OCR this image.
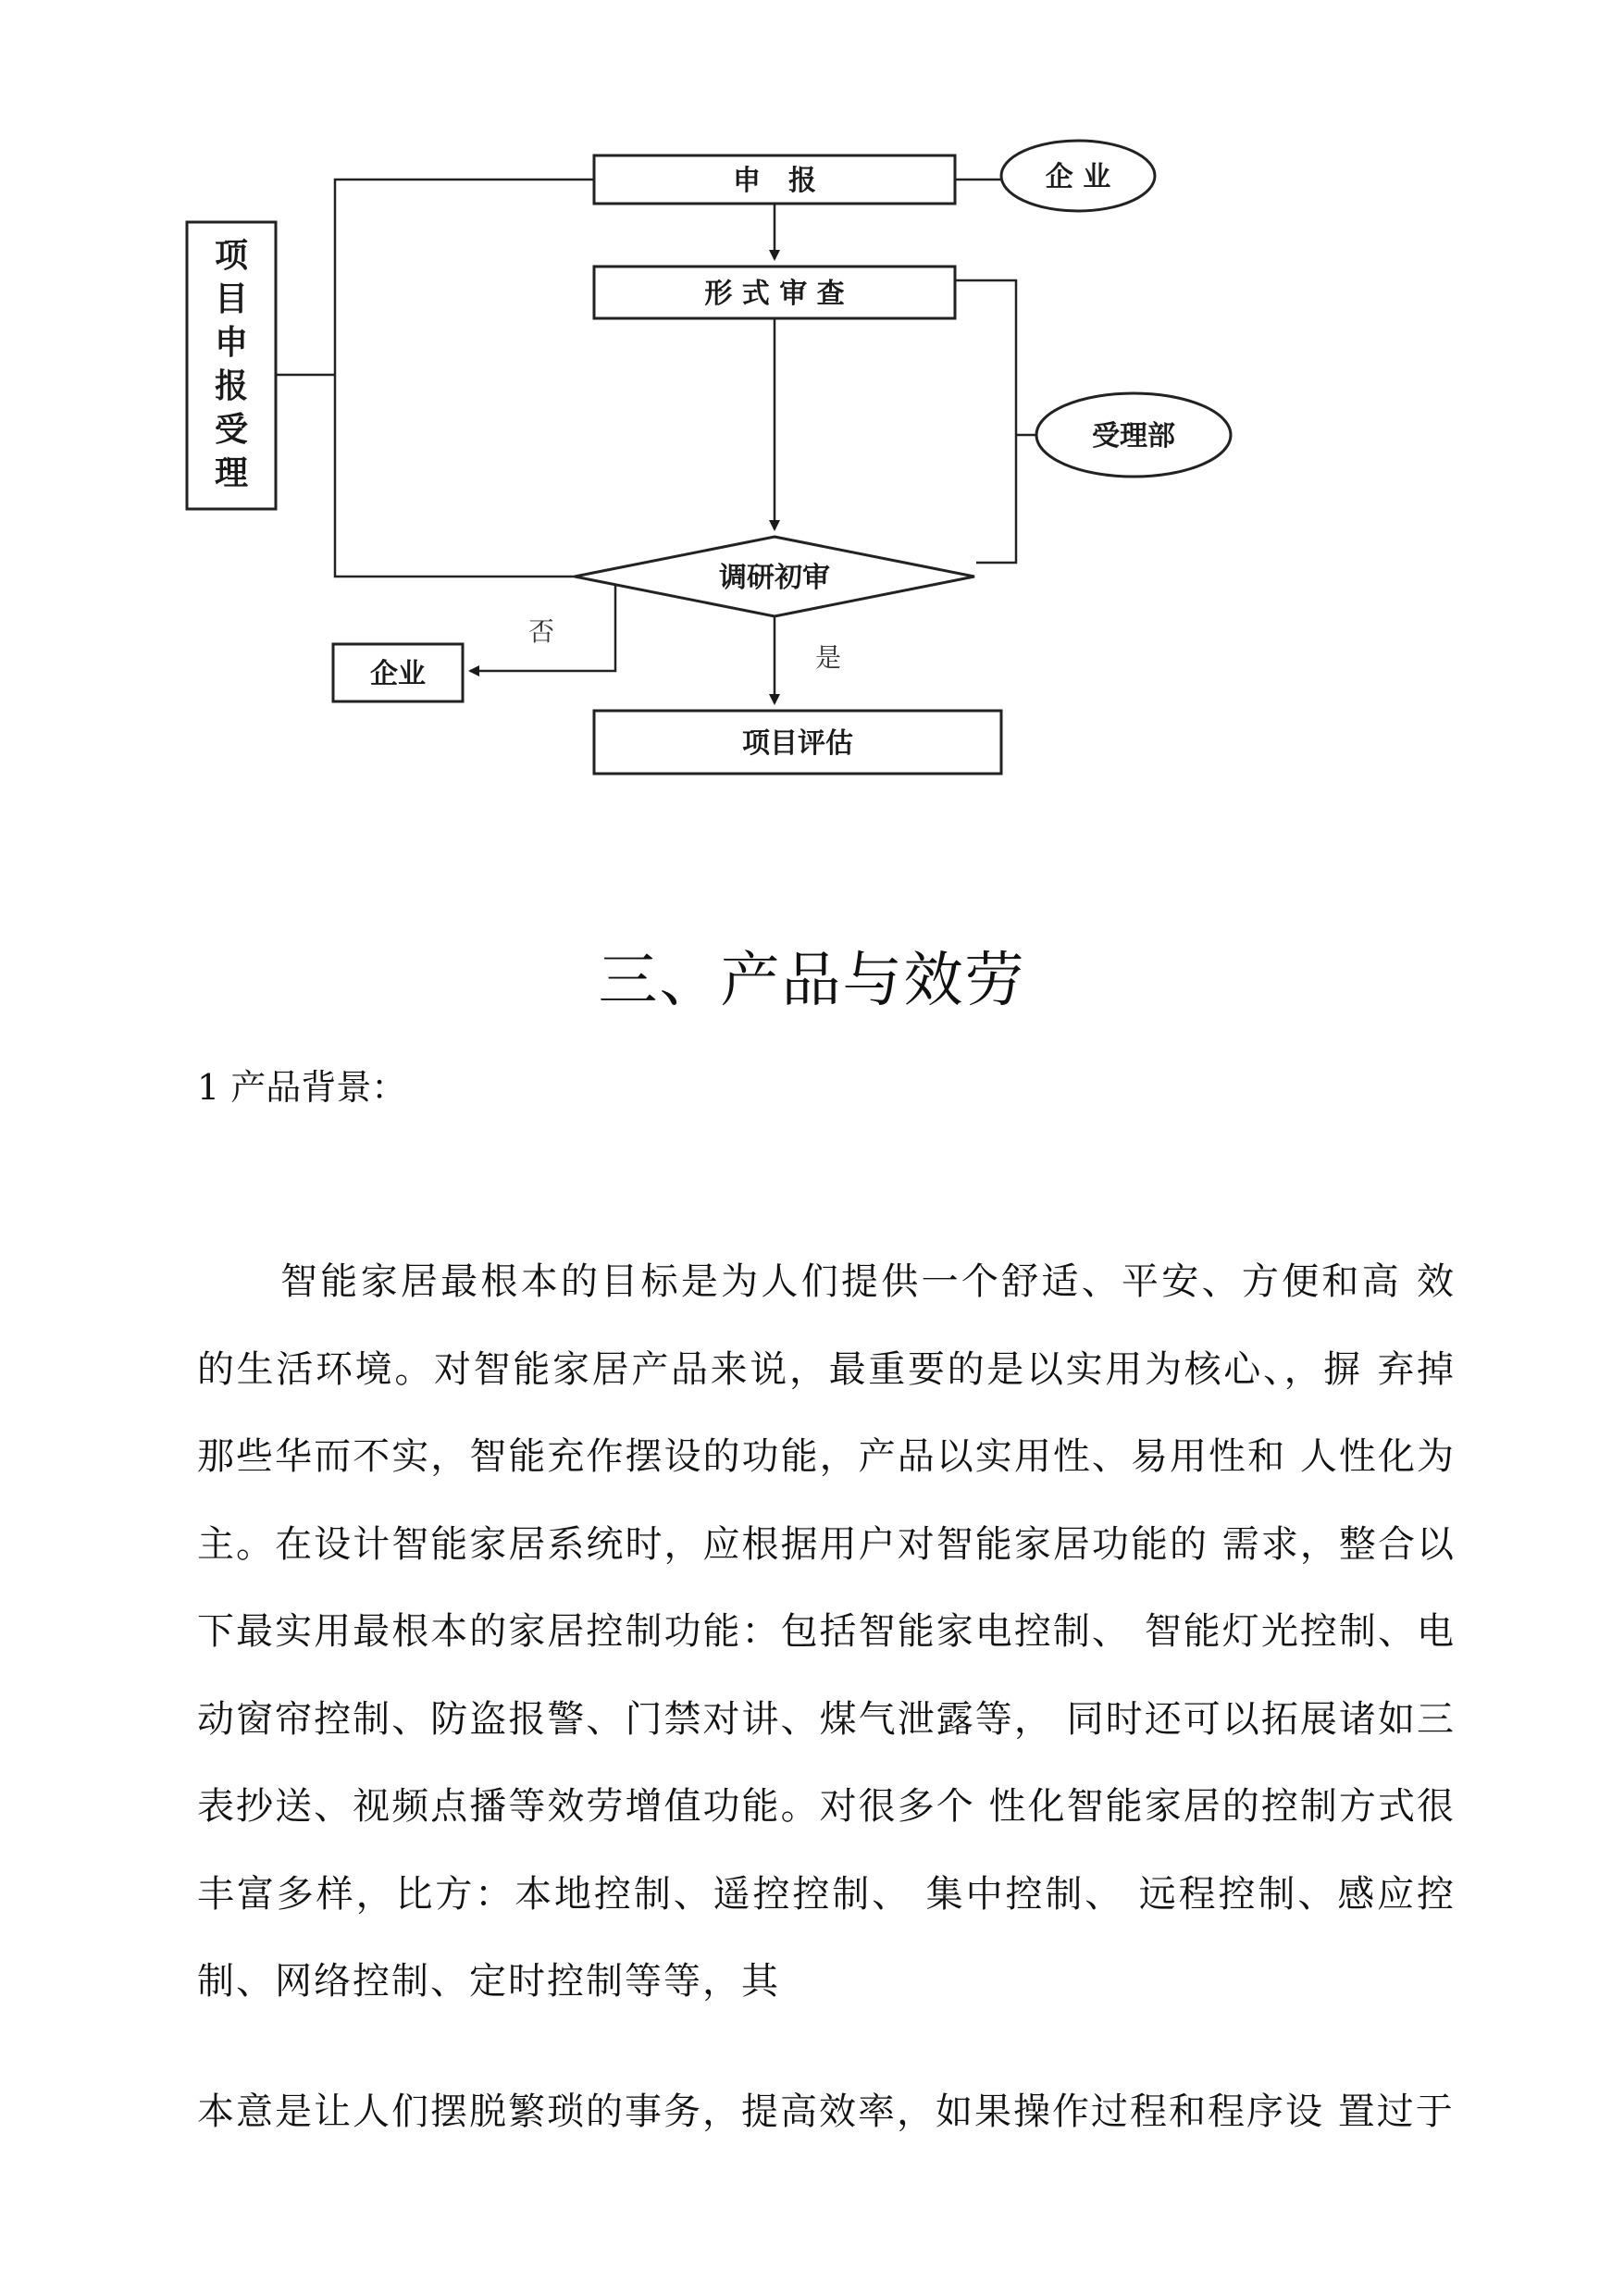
项目申报受理
申　报	企 业
形 式 审 查
受理部
调研初审
否
企业
是
项目评估
三、产品与效劳
1 产品背景：

智能家居最根本的目标是为人们提供一个舒适、平安、方便和高 效的生活环境。对智能家居产品来说，最重要的是以实用为核心、，摒 弃掉那些华而不实，智能充作摆设的功能，产品以实用性、易用性和 人性化为主。在设计智能家居系统时，应根据用户对智能家居功能的 需求，整合以下最实用最根本的家居控制功能：包括智能家电控制、 智能灯光控制、电动窗帘控制、防盗报警、门禁对讲、煤气泄露等， 同时还可以拓展诸如三表抄送、视频点播等效劳增值功能。对很多个 性化智能家居的控制方式很丰富多样，比方：本地控制、遥控控制、 集中控制、 远程控制、感应控制、网络控制、定时控制等等，其

本意是让人们摆脱繁琐的事务，提高效率，如果操作过程和程序设 置过于
